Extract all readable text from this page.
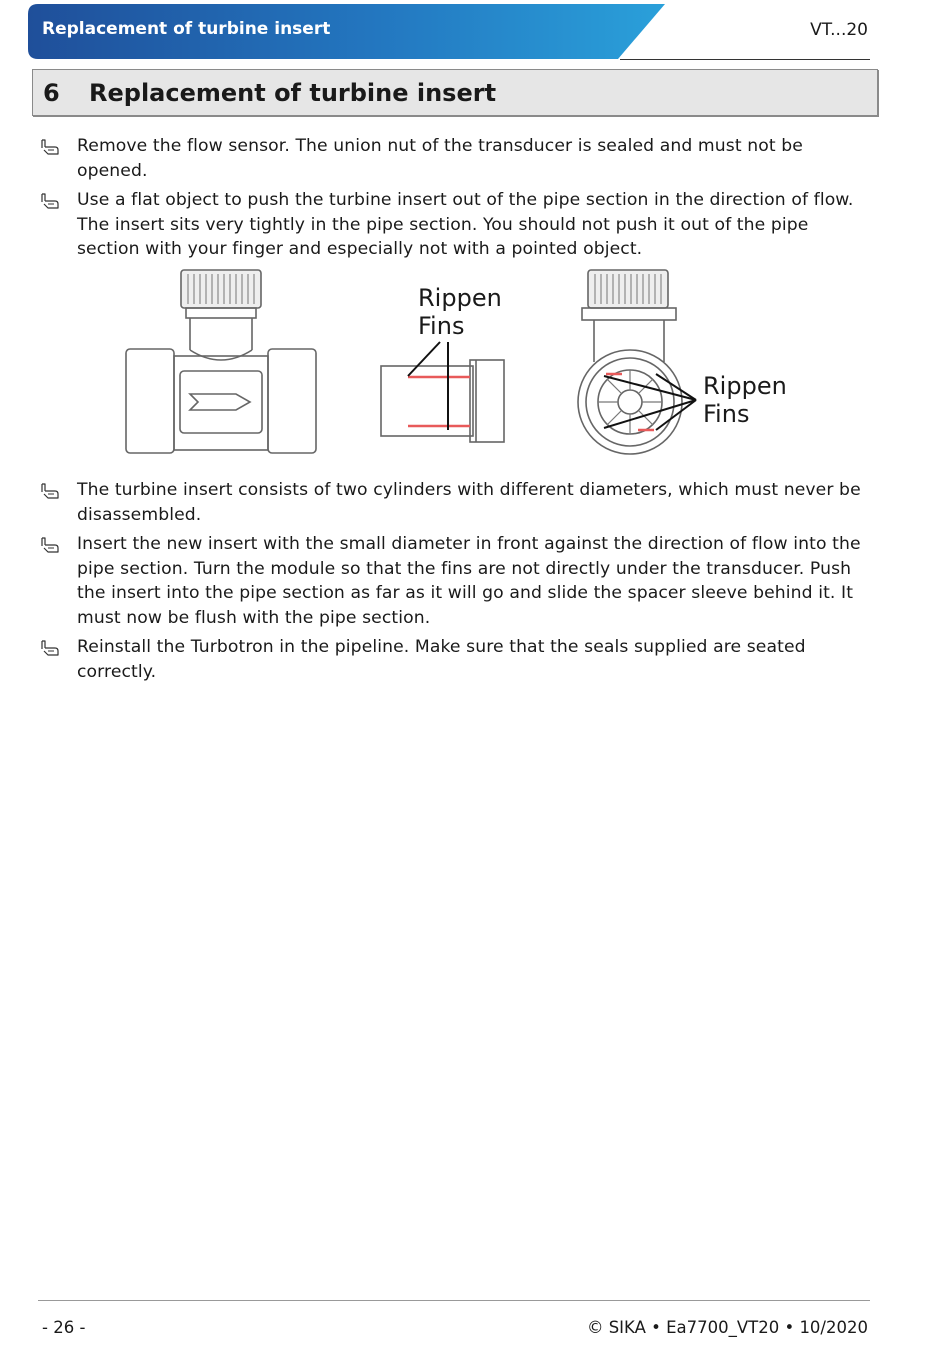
Replacement of turbine insert	VT...20
6 Replacement of turbine insert
Remove the flow sensor. The union nut of the transducer is sealed and must not be opened.
Use a flat object to push the turbine insert out of the pipe section in the direction of flow. The insert sits very tightly in the pipe section. You should not push it out of the pipe section with your finger and especially not with a pointed object.
Rippen
Fins
Rippen
Fins
The turbine insert consists of two cylinders with different diameters, which must never be disassembled.
Insert the new insert with the small diameter in front against the direction of flow into the pipe section. Turn the module so that the fins are not directly under the transducer. Push the insert into the pipe section as far as it will go and slide the spacer sleeve behind it. It must now be flush with the pipe section.
Reinstall the Turbotron in the pipeline. Make sure that the seals supplied are seated correctly.
- 26 -	© SIKA • Ea7700_VT20 • 10/2020
